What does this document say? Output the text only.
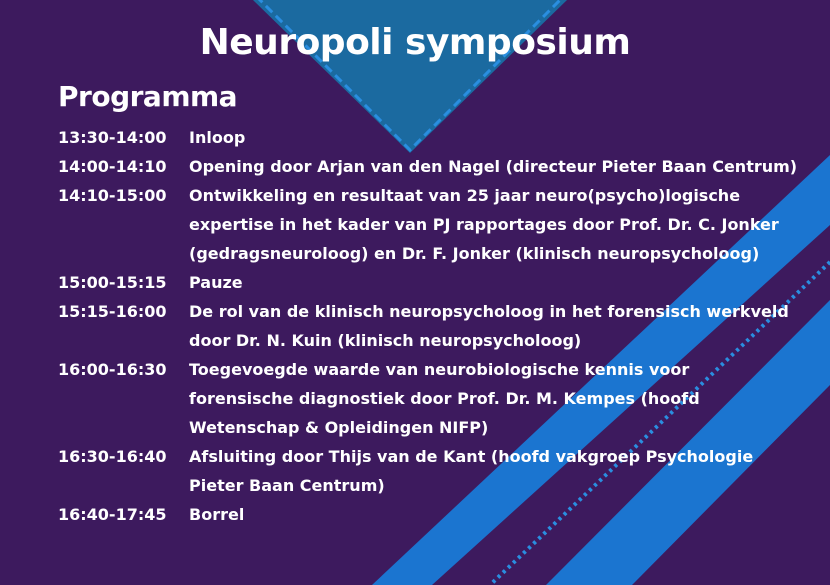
Neuropoli symposium
Programma
13:30-14:00	Inloop
14:00-14:10	Opening door Arjan van den Nagel (directeur Pieter Baan Centrum)
14:10-15:00	Ontwikkeling en resultaat van 25 jaar neuro(psycho)logische expertise in het kader van PJ rapportages door Prof. Dr. C. Jonker (gedragsneuroloog) en Dr. F. Jonker (klinisch neuropsycholoog)
15:00-15:15	Pauze
15:15-16:00	De rol van de klinisch neuropsycholoog in het forensisch werkveld door Dr. N. Kuin (klinisch neuropsycholoog)
16:00-16:30	Toegevoegde waarde van neurobiologische kennis voor forensische diagnostiek door Prof. Dr. M. Kempes (hoofd Wetenschap & Opleidingen NIFP)
16:30-16:40	Afsluiting door Thijs van de Kant (hoofd vakgroep Psychologie Pieter Baan Centrum)
16:40-17:45	Borrel
